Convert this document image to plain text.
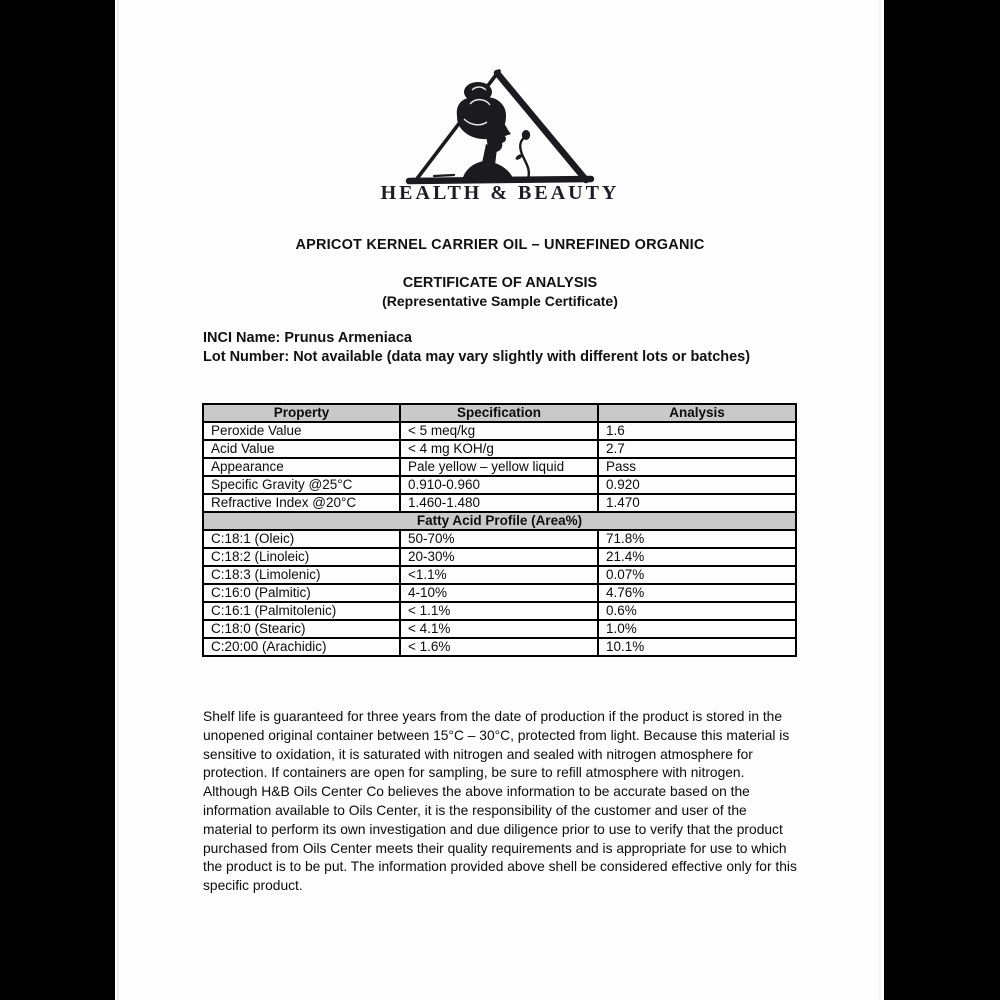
HEALTH & BEAUTY
APRICOT KERNEL CARRIER OIL – UNREFINED ORGANIC
CERTIFICATE OF ANALYSIS
(Representative Sample Certificate)
INCI Name: Prunus Armeniaca
Lot Number: Not available (data may vary slightly with different lots or batches)
Property	Specification	Analysis
Peroxide Value	< 5 meq/kg	1.6
Acid Value	< 4 mg KOH/g	2.7
Appearance	Pale yellow – yellow liquid	Pass
Specific Gravity @25°C	0.910-0.960	0.920
Refractive Index @20°C	1.460-1.480	1.470
Fatty Acid Profile (Area%)		
C:18:1 (Oleic)	50-70%	71.8%
C:18:2 (Linoleic)	20-30%	21.4%
C:18:3 (Limolenic)	<1.1%	0.07%
C:16:0 (Palmitic)	4-10%	4.76%
C:16:1 (Palmitolenic)	< 1.1%	0.6%
C:18:0 (Stearic)	< 4.1%	1.0%
C:20:00 (Arachidic)	< 1.6%	10.1%
Shelf life is guaranteed for three years from the date of production if the product is stored in the unopened original container between 15°C – 30°C, protected from light. Because this material is sensitive to oxidation, it is saturated with nitrogen and sealed with nitrogen atmosphere for protection. If containers are open for sampling, be sure to refill atmosphere with nitrogen. Although H&B Oils Center Co believes the above information to be accurate based on the information available to Oils Center, it is the responsibility of the customer and user of the material to perform its own investigation and due diligence prior to use to verify that the product purchased from Oils Center meets their quality requirements and is appropriate for use to which the product is to be put. The information provided above shell be considered effective only for this specific product.
